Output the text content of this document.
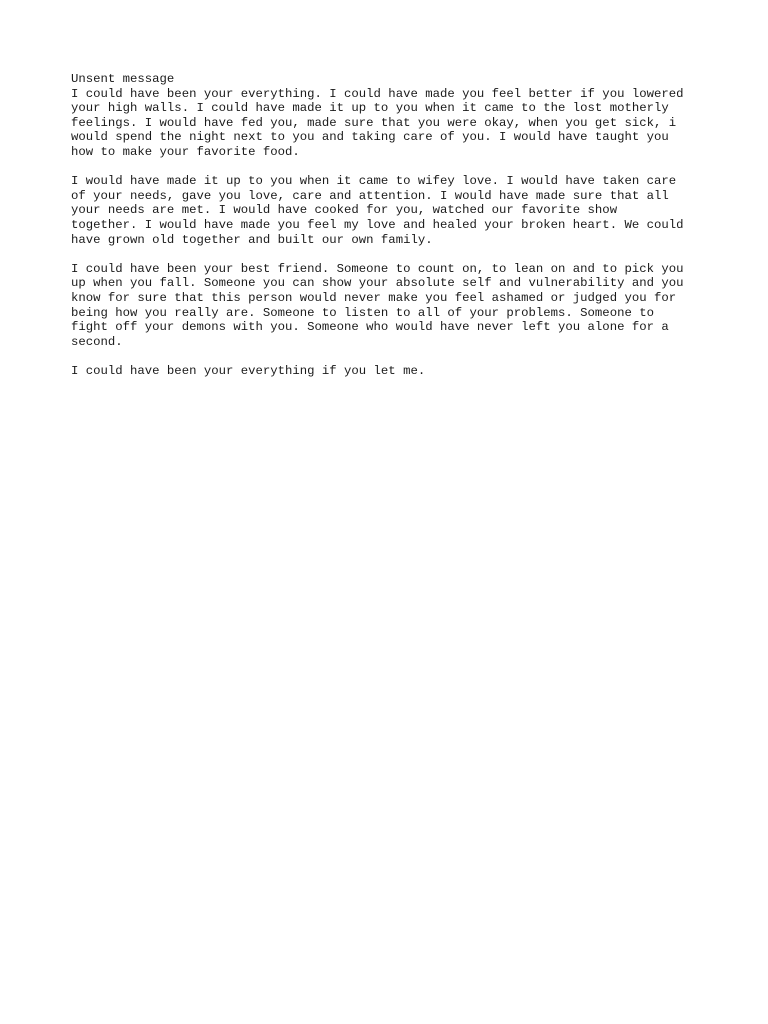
Unsent message
I could have been your everything. I could have made you feel better if you lowered
your high walls. I could have made it up to you when it came to the lost motherly
feelings. I would have fed you, made sure that you were okay, when you get sick, i
would spend the night next to you and taking care of you. I would have taught you
how to make your favorite food.
I would have made it up to you when it came to wifey love. I would have taken care
of your needs, gave you love, care and attention. I would have made sure that all
your needs are met. I would have cooked for you, watched our favorite show
together. I would have made you feel my love and healed your broken heart. We could
have grown old together and built our own family.
I could have been your best friend. Someone to count on, to lean on and to pick you
up when you fall. Someone you can show your absolute self and vulnerability and you
know for sure that this person would never make you feel ashamed or judged you for
being how you really are. Someone to listen to all of your problems. Someone to
fight off your demons with you. Someone who would have never left you alone for a
second.
I could have been your everything if you let me.
